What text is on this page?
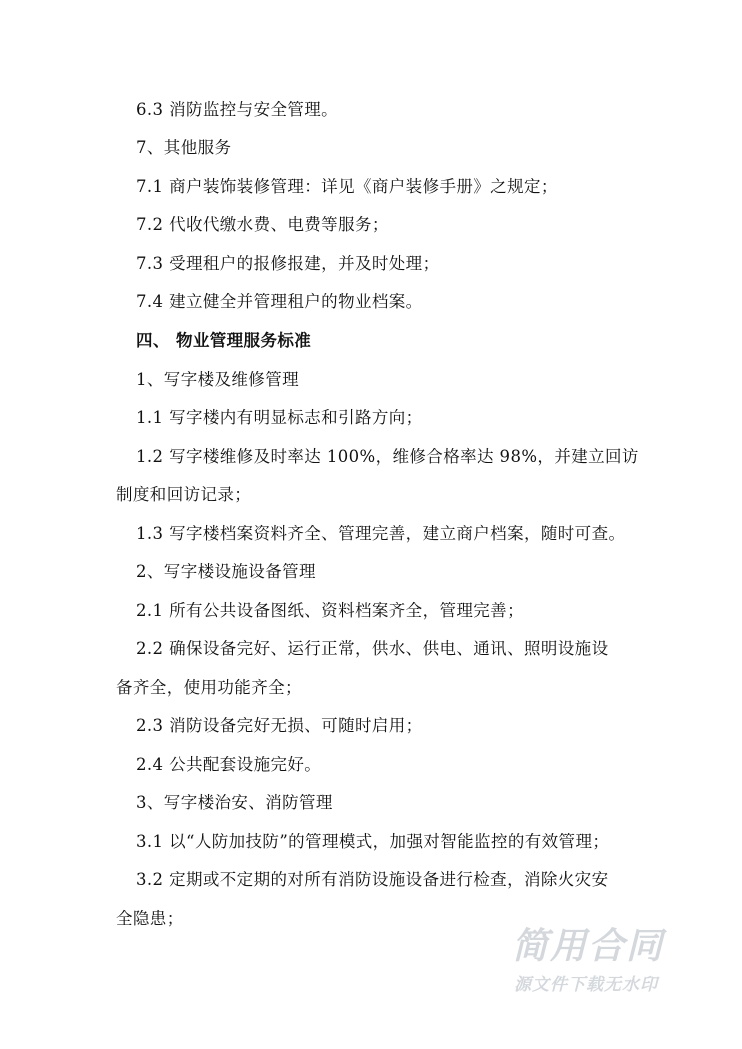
6.3 消防监控与安全管理。
7、其他服务
7.1 商户装饰装修管理：详见《商户装修手册》之规定；
7.2 代收代缴水费、电费等服务；
7.3 受理租户的报修报建，并及时处理；
7.4 建立健全并管理租户的物业档案。
四、 物业管理服务标准
1、写字楼及维修管理
1.1 写字楼内有明显标志和引路方向；
1.2 写字楼维修及时率达 100%，维修合格率达 98%，并建立回访
制度和回访记录；
1.3 写字楼档案资料齐全、管理完善，建立商户档案，随时可查。
2、写字楼设施设备管理
2.1 所有公共设备图纸、资料档案齐全，管理完善；
2.2 确保设备完好、运行正常，供水、供电、通讯、照明设施设
备齐全，使用功能齐全；
2.3 消防设备完好无损、可随时启用；
2.4 公共配套设施完好。
3、写字楼治安、消防管理
3.1 以“人防加技防”的管理模式，加强对智能监控的有效管理；
3.2 定期或不定期的对所有消防设施设备进行检查，消除火灾安
全隐患；
简用合同
源文件下载无水印
